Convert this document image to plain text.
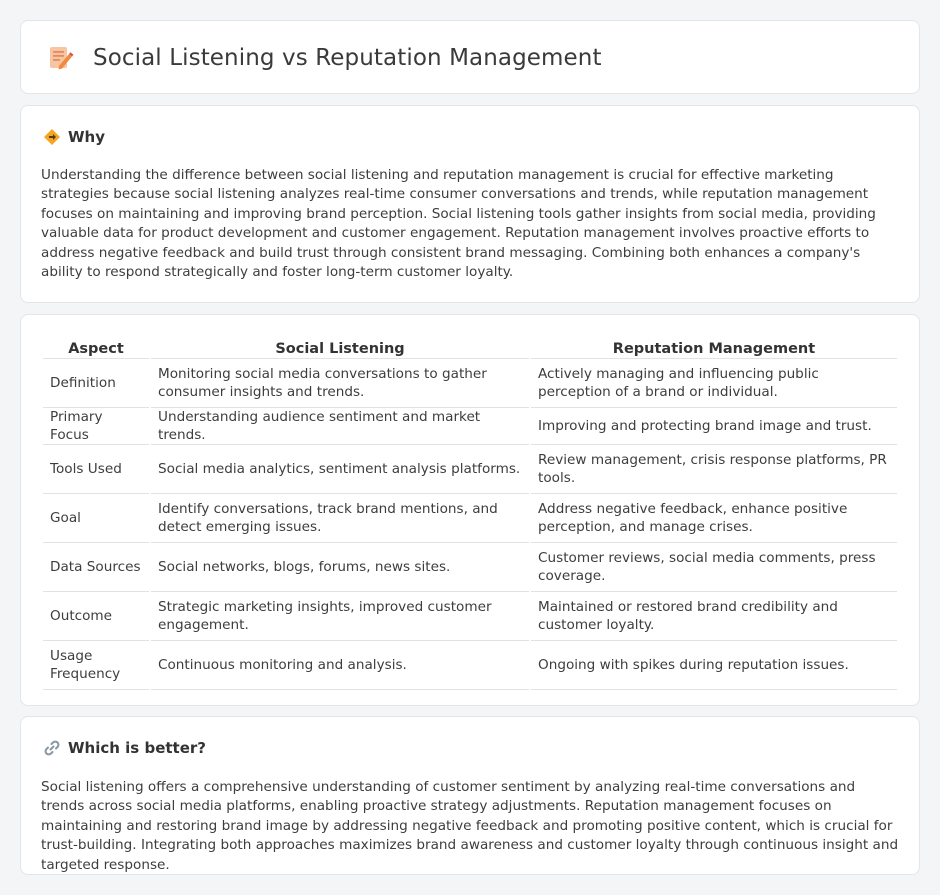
Social Listening vs Reputation Management
Why

Understanding the difference between social listening and reputation management is crucial for effective marketing strategies because social listening analyzes real-time consumer conversations and trends, while reputation management focuses on maintaining and improving brand perception. Social listening tools gather insights from social media, providing valuable data for product development and customer engagement. Reputation management involves proactive efforts to address negative feedback and build trust through consistent brand messaging. Combining both enhances a company's ability to respond strategically and foster long-term customer loyalty.

Aspect	Social Listening	Reputation Management
Definition	Monitoring social media conversations to gather consumer insights and trends.	Actively managing and influencing public perception of a brand or individual.
Primary Focus	Understanding audience sentiment and market trends.	Improving and protecting brand image and trust.
Tools Used	Social media analytics, sentiment analysis platforms.	Review management, crisis response platforms, PR tools.
Goal	Identify conversations, track brand mentions, and detect emerging issues.	Address negative feedback, enhance positive perception, and manage crises.
Data Sources	Social networks, blogs, forums, news sites.	Customer reviews, social media comments, press coverage.
Outcome	Strategic marketing insights, improved customer engagement.	Maintained or restored brand credibility and customer loyalty.
Usage Frequency	Continuous monitoring and analysis.	Ongoing with spikes during reputation issues.
Which is better?

Social listening offers a comprehensive understanding of customer sentiment by analyzing real-time conversations and trends across social media platforms, enabling proactive strategy adjustments. Reputation management focuses on maintaining and restoring brand image by addressing negative feedback and promoting positive content, which is crucial for trust-building. Integrating both approaches maximizes brand awareness and customer loyalty through continuous insight and targeted response.
